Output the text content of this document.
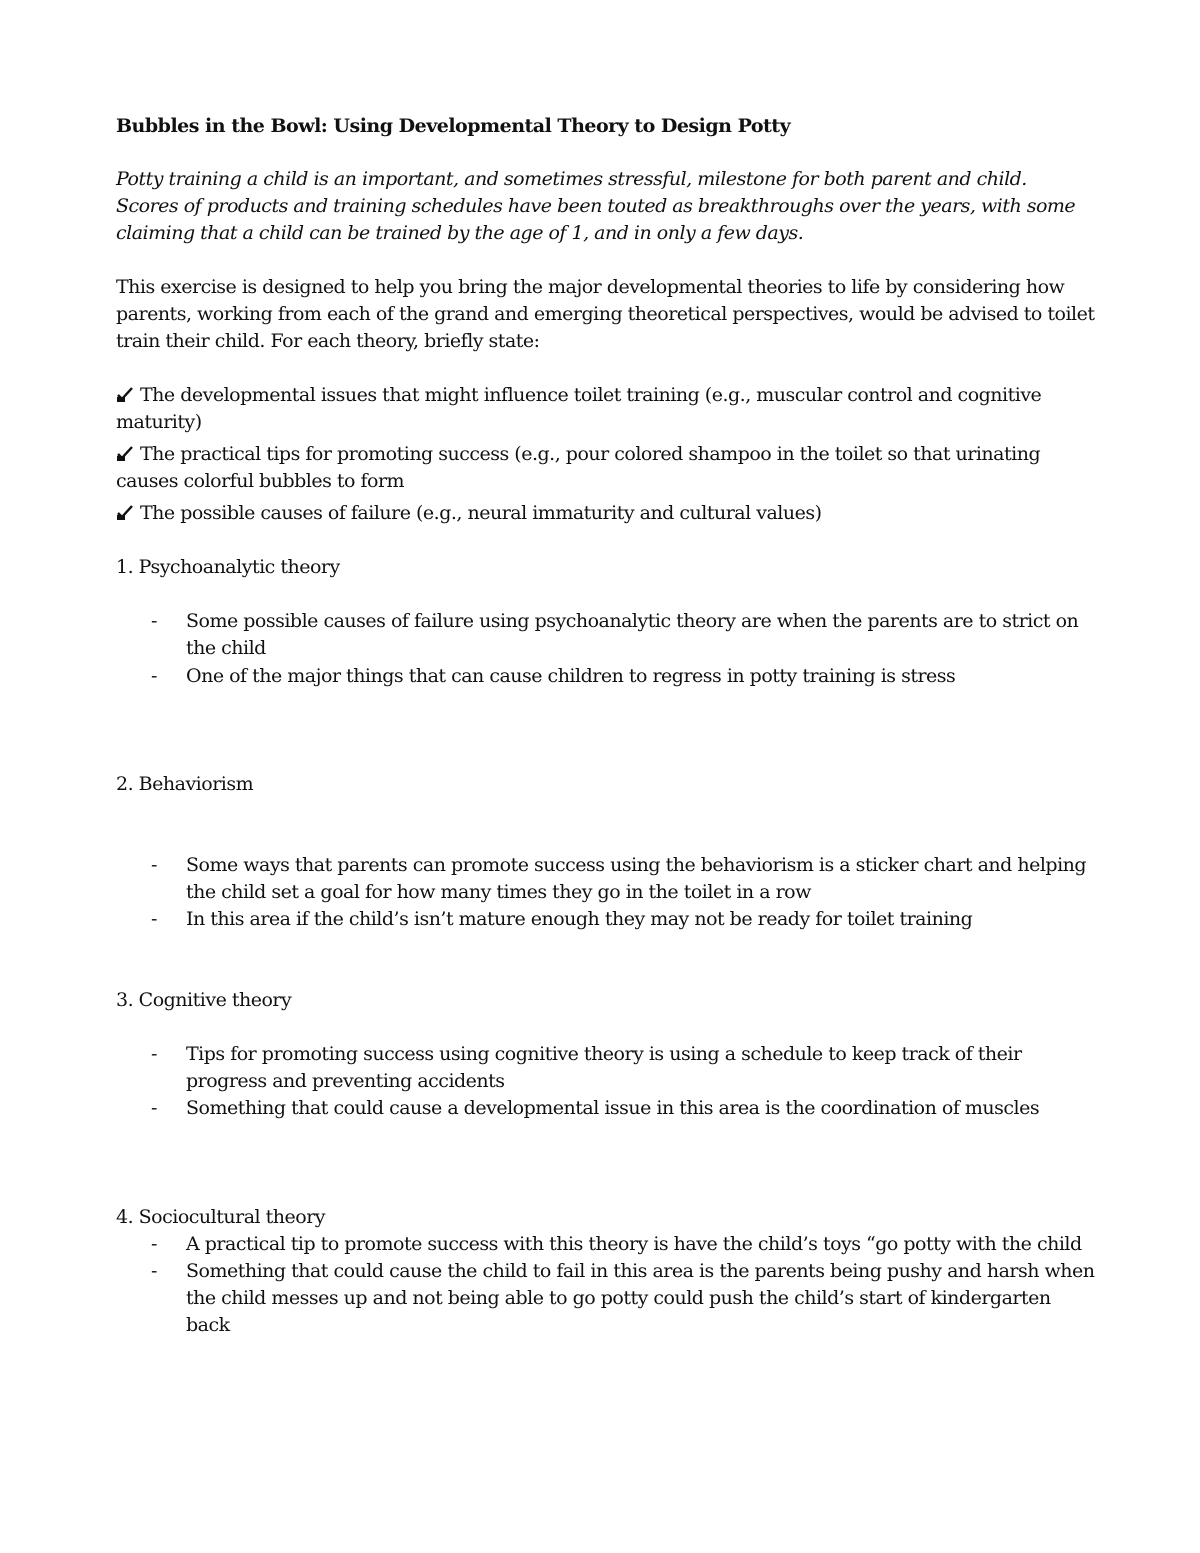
Bubbles in the Bowl: Using Developmental Theory to Design Potty
Potty training a child is an important, and sometimes stressful, milestone for both parent and child.
Scores of products and training schedules have been touted as breakthroughs over the years, with some
claiming that a child can be trained by the age of 1, and in only a few days.
This exercise is designed to help you bring the major developmental theories to life by considering how
parents, working from each of the grand and emerging theoretical perspectives, would be advised to toilet
train their child. For each theory, briefly state:
The developmental issues that might influence toilet training (e.g., muscular control and cognitive
maturity)
The practical tips for promoting success (e.g., pour colored shampoo in the toilet so that urinating
causes colorful bubbles to form
The possible causes of failure (e.g., neural immaturity and cultural values)
1. Psychoanalytic theory
- Some possible causes of failure using psychoanalytic theory are when the parents are to strict on
the child
- One of the major things that can cause children to regress in potty training is stress
2. Behaviorism
- Some ways that parents can promote success using the behaviorism is a sticker chart and helping
the child set a goal for how many times they go in the toilet in a row
- In this area if the child’s isn’t mature enough they may not be ready for toilet training
3. Cognitive theory
- Tips for promoting success using cognitive theory is using a schedule to keep track of their
progress and preventing accidents
- Something that could cause a developmental issue in this area is the coordination of muscles
4. Sociocultural theory
- A practical tip to promote success with this theory is have the child’s toys “go potty with the child
- Something that could cause the child to fail in this area is the parents being pushy and harsh when
the child messes up and not being able to go potty could push the child’s start of kindergarten
back
